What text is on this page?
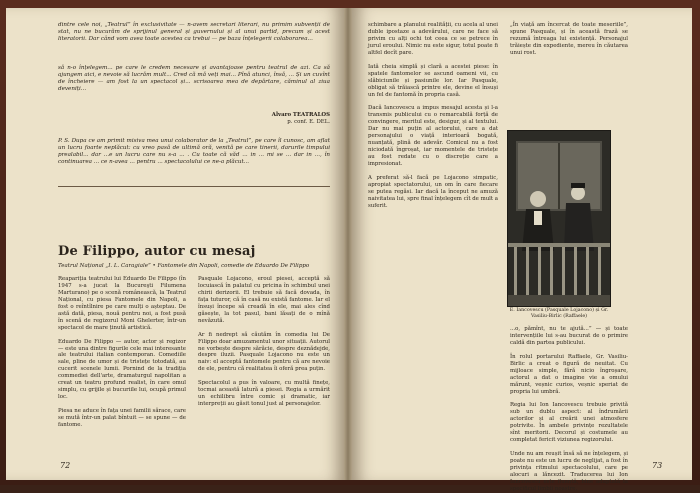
dintre cele noi, „Teatrul” în exclusivitate — n-avem secretari literari, nu primim subvenții de stat, nu ne bucurăm de sprijinul general și guvernului și al unui partid, precum și acest literatorii. Dar când vom avea toate acestea ca trebui — pe baza înțelegerii colaborarea...
să n-o înțelegem... pe care le credem necesare și avantajoase pentru teatrul de azi. Ca să ajungem aici, e nevoie să lucrăm mult... Cred că mă veți mai... Pînă atunci, însă, ... Și un cuvînt de încheiere — am fost la un spectacol și... scrisoarea mea de depărtare, căminul al ziua deveniți...
Alvaro TEATRALOS
p. conf. E. DEL.
P. S. Dupa ce am primit misiva mea unui colaborator de la „Teatrul”, pe care îl cunosc, am aflat un lucru foarte neplăcut: cu vreo pasă de ultimă oră, venită pe care tinerii, darurile timpului prealabil... dar ...e un lucru care nu s-a ... . Cu toate că văd ... in ... mi se ... dar in ..., în continuarea ... ce n-avea ... pentru ... spectacolului ce ne-a plăcut...
De Filippo, autor cu mesaj
Teatrul Național „I. L. Caragiale” • Fantomele din Napoli, comedie de Eduardo De Filippo
Reapariția teatrului lui Eduardo De Filippo (în 1947 s-a jucat la Bucureşti Filumena Marturano) pe o scenă românească, la Teatrul Național, cu piesa Fantomele din Napoli, a fost o reîntîlnire pe care mulți o așteptau. De astă dată, piesa, nouă pentru noi, a fost pusă în scenă de regizorul Moni Ghelerter, într-un spectacol de mare ținută artistică.

Eduardo De Filippo — autor, actor și regizor — este una dintre figurile cele mai interesante ale teatrului italian contemporan. Comediile sale, pline de umor și de tristețe totodată, au cucerit scenele lumii. Pornind de la tradiția commediei dell'arte, dramaturgul napolitan a creat un teatru profund realist, în care omul simplu, cu grijile și bucuriile lui, ocupă primul loc.

Piesa ne aduce în fața unei familii sărace, care se mută într-un palat bîntuit — se spune — de fantome.
Pasquale Lojacono, eroul piesei, acceptă să locuiască în palatul cu pricina în schimbul unei chirii derizorii. El trebuie să facă dovada, în fața tuturor, că în casă nu există fantome. Iar el însuși începe să creadă în ele, mai ales cînd găsește, la tot pasul, bani lăsați de o mînă nevăzută.

Ar fi nedrept să căutăm în comedia lui De Filippo doar amuzamentul unor situații. Autorul ne vorbește despre sărăcie, despre deznădejde, despre iluzii. Pasquale Lojacono nu este un naiv: el acceptă fantomele pentru că are nevoie de ele, pentru că realitatea îi oferă prea puțin.

Spectacolul a pus în valoare, cu multă finețe, tocmai această latură a piesei. Regia a urmărit un echilibru între comic și dramatic, iar interpreții au găsit tonul just al personajelor.
72
schimbare a planului realității, cu acela al unei duble ipostaze a adevărului, care ne face să privim cu alți ochi tot ceea ce se petrece în jurul eroului. Nimic nu este sigur, totul poate fi altfel decît pare.

Iată cheia simplă și clară a acestei piese: în spatele fantomelor se ascund oameni vii, cu slăbiciunile și pasiunile lor. Iar Pasquale, obligat să trăiască printre ele, devine el însuși un fel de fantomă în propria casă.

Dacă Iancovescu a impus mesajul acesta și l-a transmis publicului cu o remarcabilă forță de convingere, meritul este, desigur, și al textului. Dar nu mai puțin al actorului, care a dat personajului o viață interioară bogată, nuanțată, plină de adevăr. Comicul nu a fost niciodată îngroșat, iar momentele de tristețe au fost redate cu o discreție care a impresionat.

A preferat să-l facă pe Lojacono simpatic, apropiat spectatorului, un om în care fiecare se putea regăsi. Iar dacă la început ne amuză naivitatea lui, spre final înțelegem cît de mult a suferit.
„În viață am încercat de toate meseriile”, spune Pasquale, și în această frază se rezumă întreaga lui existență. Personajul trăiește din expediente, mereu în căutarea unui rost.
E. Iancovescu (Pasquale Lojacono) și Gr. Vasiliu-Birlic (Raffaele)
...o, pămînt, nu te ajută...” — și toate intervențiile lui s-au bucurat de o primire caldă din partea publicului.

În rolul portarului Raffaele, Gr. Vasiliu-Birlic a creat o figură de neuitat. Cu mijloace simple, fără nicio îngroșare, actorul a dat o imagine vie a omului mărunt, veșnic curios, veșnic speriat de propria lui umbră.

Regia lui Ion Iancovescu trebuie privită sub un dublu aspect: al îndrumării actorilor și al creării unei atmosfere potrivite. În ambele privințe rezultatele sînt meritorii. Decorul și costumele au completat fericit viziunea regizorului.

Unde nu am reușit însă să ne înțelegem, și poate nu este un lucru de neglijat, a fost în privința ritmului spectacolului, care pe alocuri a lăncezit. Traducerea lui Ion Iancovescu este fluentă, bine adaptată la specificul limbii noastre.
73
